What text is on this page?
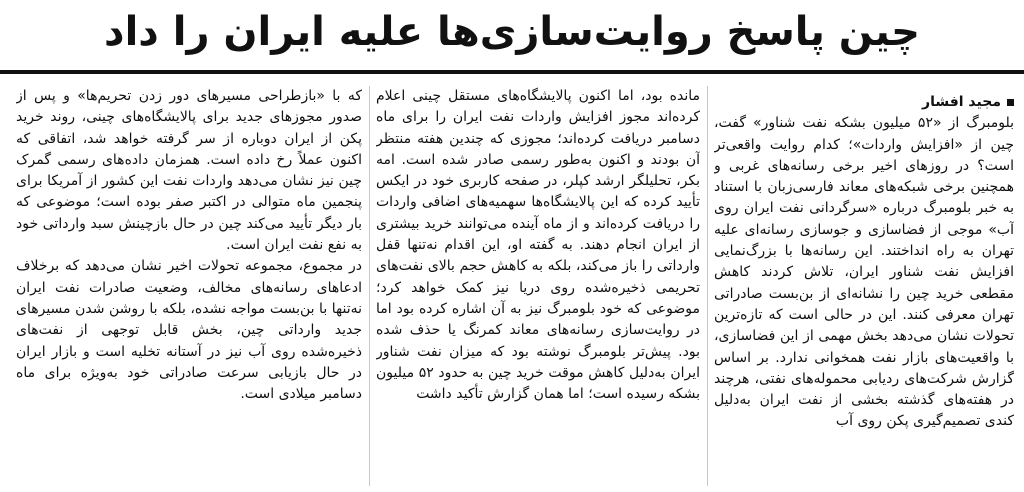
چین پاسخ روایت‌سازی‌ها علیه ایران را داد
مجید افشار

بلومبرگ از «۵۲ میلیون بشکه نفت شناور» گفت، چین از «افزایش واردات»؛ کدام روایت واقعی‌تر است؟ در روزهای اخیر برخی رسانه‌های غربی و همچنین برخی شبکه‌های معاند فارسی‌زبان با استناد به خبر بلومبرگ درباره «سرگردانی نفت ایران روی آب» موجی از فضاسازی و جوسازی رسانه‌ای علیه تهران به راه انداختند. این رسانه‌ها با بزرگ‌نمایی افزایش نفت شناور ایران، تلاش کردند کاهش مقطعی خرید چین را نشانه‌ای از بن‌بست صادراتی تهران معرفی کنند. این در حالی است که تازه‌ترین تحولات نشان می‌دهد بخش مهمی از این فضاسازی، با واقعیت‌های بازار نفت همخوانی ندارد. بر اساس گزارش شرکت‌های ردیابی محموله‌های نفتی، هرچند در هفته‌های گذشته بخشی از نفت ایران به‌دلیل کندی تصمیم‌گیری پکن روی آب

مانده بود، اما اکنون پالایشگاه‌های مستقل چینی اعلام کرده‌اند مجوز افزایش واردات نفت ایران را برای ماه دسامبر دریافت کرده‌اند؛ مجوزی که چندین هفته منتظر آن بودند و اکنون به‌طور رسمی صادر شده است. امه بکر، تحلیلگر ارشد کپلر، در صفحه کاربری خود در ایکس تأیید کرده که این پالایشگاه‌ها سهمیه‌های اضافی واردات را دریافت کرده‌اند و از ماه آینده می‌توانند خرید بیشتری از ایران انجام دهند. به گفته او، این اقدام نه‌تنها قفل وارداتی را باز می‌کند، بلکه به کاهش حجم بالای نفت‌های تحریمی ذخیره‌شده روی دریا نیز کمک خواهد کرد؛ موضوعی که خود بلومبرگ نیز به آن اشاره کرده بود اما در روایت‌سازی رسانه‌های معاند کمرنگ یا حذف شده بود. پیش‌تر بلومبرگ نوشته بود که میزان نفت شناور ایران به‌دلیل کاهش موقت خرید چین به حدود ۵۲ میلیون بشکه رسیده است؛ اما همان گزارش تأکید داشت

که با «بازطراحی مسیرهای دور زدن تحریم‌ها» و پس از صدور مجوزهای جدید برای پالایشگاه‌های چینی، روند خرید پکن از ایران دوباره از سر گرفته خواهد شد، اتفاقی که اکنون عملاً رخ داده است. همزمان داده‌های رسمی گمرک چین نیز نشان می‌دهد واردات نفت این کشور از آمریکا برای پنجمین ماه متوالی در اکتبر صفر بوده است؛ موضوعی که بار دیگر تأیید می‌کند چین در حال بازچینش سبد وارداتی خود به نفع نفت ایران است.

در مجموع، مجموعه تحولات اخیر نشان می‌دهد که برخلاف ادعاهای رسانه‌های مخالف، وضعیت صادرات نفت ایران نه‌تنها با بن‌بست مواجه نشده، بلکه با روشن شدن مسیرهای جدید وارداتی چین، بخش قابل توجهی از نفت‌های ذخیره‌شده روی آب نیز در آستانه تخلیه است و بازار ایران در حال بازیابی سرعت صادراتی خود به‌ویژه برای ماه دسامبر میلادی است.
